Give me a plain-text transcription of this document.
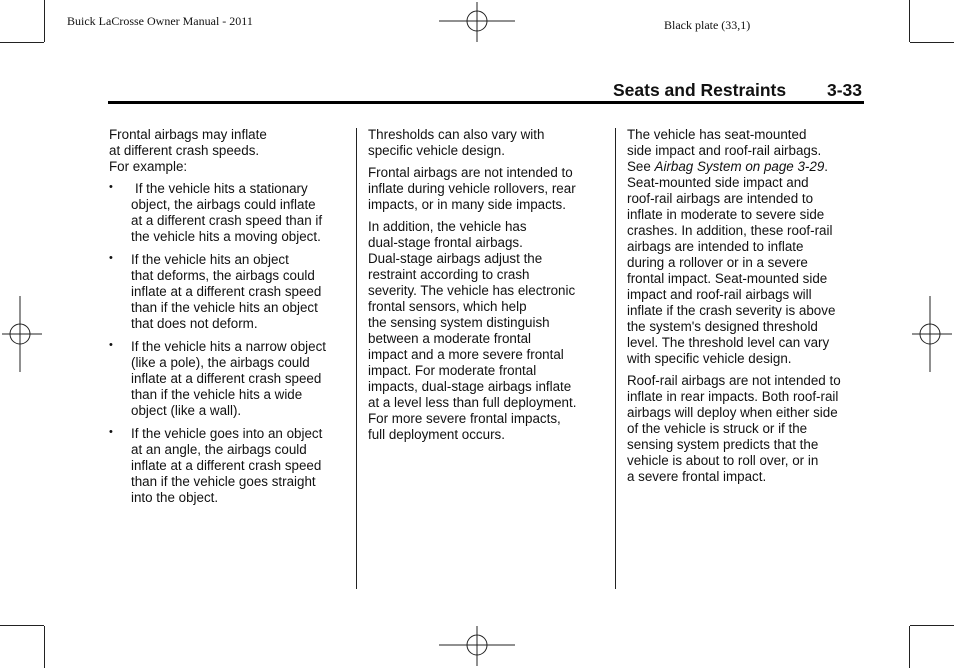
Buick LaCrosse Owner Manual - 2011	Black plate (33,1)
Seats and Restraints 3-33
Frontal airbags may inflate
at different crash speeds.
For example:
• If the vehicle hits a stationary
object, the airbags could inflate
at a different crash speed than if
the vehicle hits a moving object.
• If the vehicle hits an object
that deforms, the airbags could
inflate at a different crash speed
than if the vehicle hits an object
that does not deform.
• If the vehicle hits a narrow object
(like a pole), the airbags could
inflate at a different crash speed
than if the vehicle hits a wide
object (like a wall).
• If the vehicle goes into an object
at an angle, the airbags could
inflate at a different crash speed
than if the vehicle goes straight
into the object.

Thresholds can also vary with
specific vehicle design.

Frontal airbags are not intended to
inflate during vehicle rollovers, rear
impacts, or in many side impacts.

In addition, the vehicle has
dual-stage frontal airbags.
Dual-stage airbags adjust the
restraint according to crash
severity. The vehicle has electronic
frontal sensors, which help
the sensing system distinguish
between a moderate frontal
impact and a more severe frontal
impact. For moderate frontal
impacts, dual-stage airbags inflate
at a level less than full deployment.
For more severe frontal impacts,
full deployment occurs.

The vehicle has seat-mounted
side impact and roof-rail airbags.
See Airbag System on page 3-29.
Seat-mounted side impact and
roof-rail airbags are intended to
inflate in moderate to severe side
crashes. In addition, these roof-rail
airbags are intended to inflate
during a rollover or in a severe
frontal impact. Seat-mounted side
impact and roof-rail airbags will
inflate if the crash severity is above
the system's designed threshold
level. The threshold level can vary
with specific vehicle design.

Roof-rail airbags are not intended to
inflate in rear impacts. Both roof-rail
airbags will deploy when either side
of the vehicle is struck or if the
sensing system predicts that the
vehicle is about to roll over, or in
a severe frontal impact.
